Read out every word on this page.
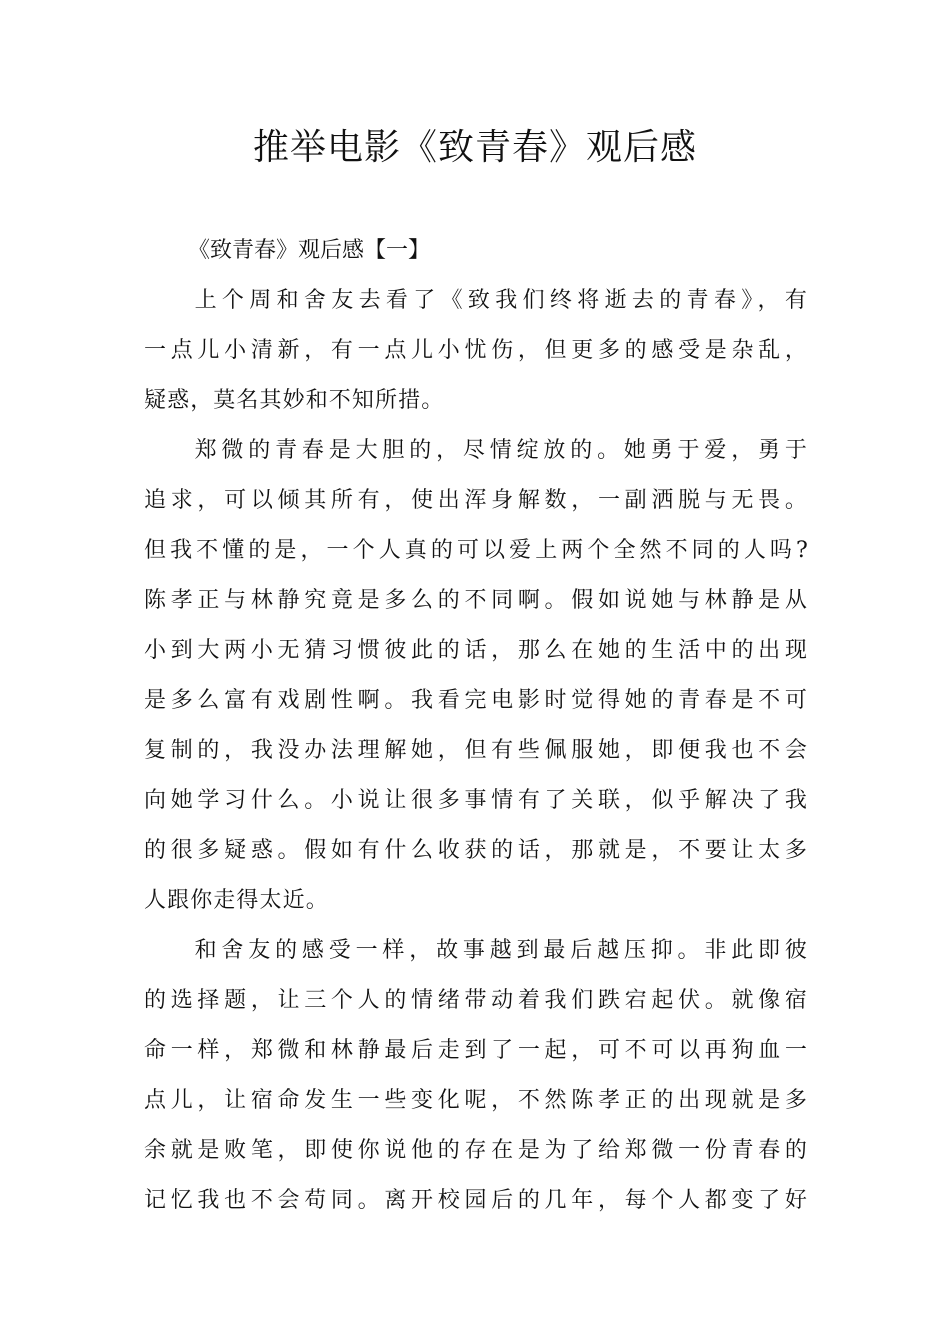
推举电影《致青春》观后感

《致青春》观后感【一】

上个周和舍友去看了《致我们终将逝去的青春》，有
一点儿小清新，有一点儿小忧伤，但更多的感受是杂乱，
疑惑，莫名其妙和不知所措。

郑微的青春是大胆的，尽情绽放的。她勇于爱，勇于
追求，可以倾其所有，使出浑身解数，一副洒脱与无畏。
但我不懂的是，一个人真的可以爱上两个全然不同的人吗?
陈孝正与林静究竟是多么的不同啊。假如说她与林静是从
小到大两小无猜习惯彼此的话，那么在她的生活中的出现
是多么富有戏剧性啊。我看完电影时觉得她的青春是不可
复制的，我没办法理解她，但有些佩服她，即便我也不会
向她学习什么。小说让很多事情有了关联，似乎解决了我
的很多疑惑。假如有什么收获的话，那就是，不要让太多
人跟你走得太近。

和舍友的感受一样，故事越到最后越压抑。非此即彼
的选择题，让三个人的情绪带动着我们跌宕起伏。就像宿
命一样，郑微和林静最后走到了一起，可不可以再狗血一
点儿，让宿命发生一些变化呢，不然陈孝正的出现就是多
余就是败笔，即使你说他的存在是为了给郑微一份青春的
记忆我也不会苟同。离开校园后的几年，每个人都变了好
